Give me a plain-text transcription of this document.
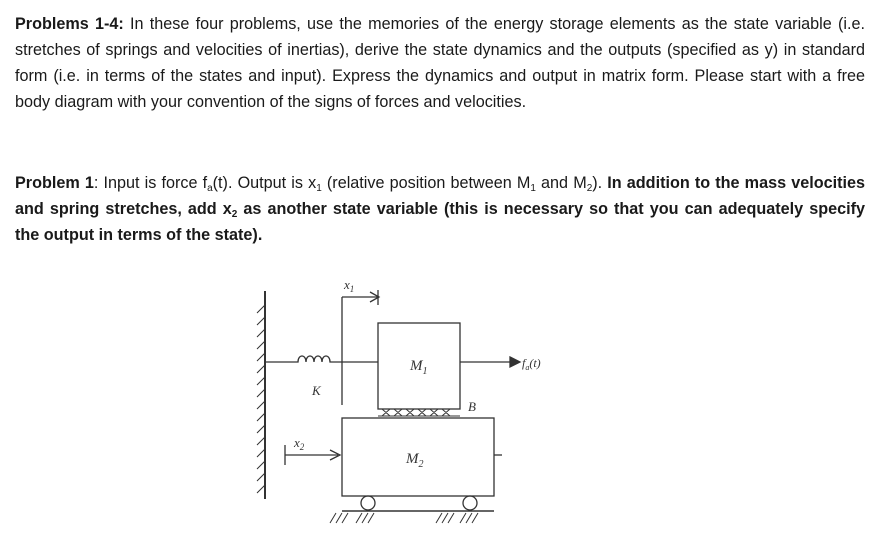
Problems 1-4: In these four problems, use the memories of the energy storage elements as the state variable (i.e. stretches of springs and velocities of inertias), derive the state dynamics and the outputs (specified as y) in standard form (i.e. in terms of the states and input). Express the dynamics and output in matrix form. Please start with a free body diagram with your convention of the signs of forces and velocities.

Problem 1: Input is force $f_a(t)$. Output is $x_1$ (relative position between $M_1$ and $M_2$). In addition to the mass velocities and spring stretches, add $x_2$ as another state variable (this is necessary so that you can adequately specify the output in terms of the state).

$x_1$
K
$M_1$
B
$f_a(t)$
$x_2$
$M_2$
